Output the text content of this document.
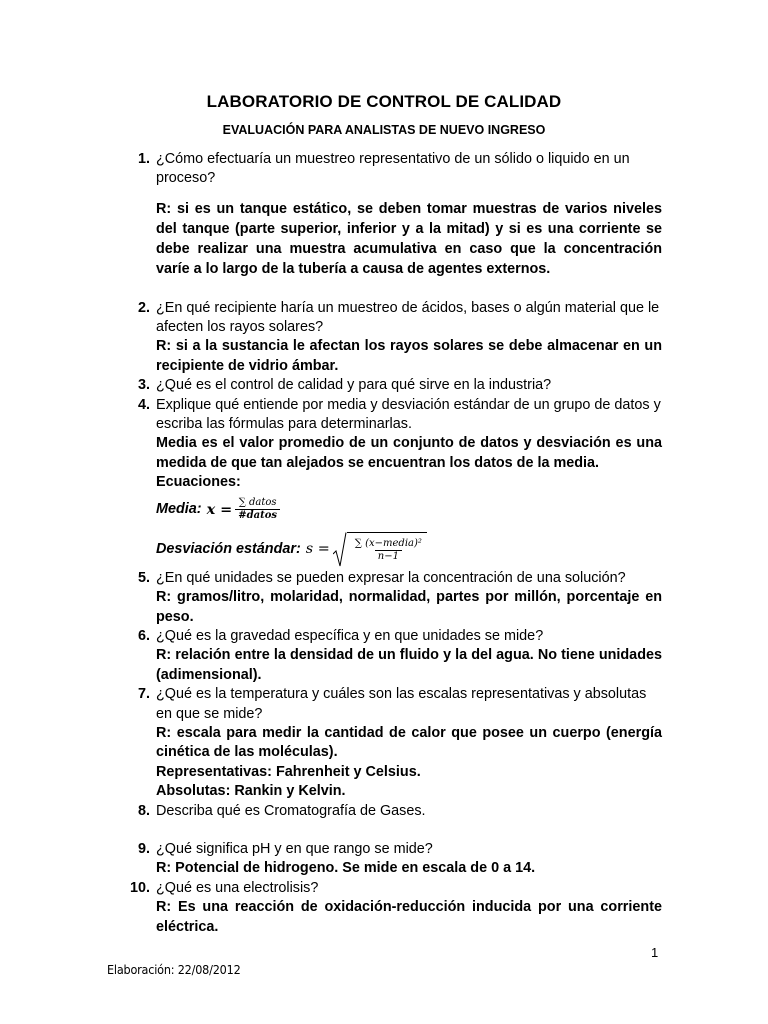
LABORATORIO DE CONTROL DE CALIDAD
EVALUACIÓN PARA ANALISTAS DE NUEVO INGRESO
1. ¿Cómo efectuaría un muestreo representativo de un sólido o liquido en un proceso?
R: si es un tanque estático, se deben tomar muestras de varios niveles del tanque (parte superior, inferior y a la mitad) y si es una corriente se debe realizar una muestra acumulativa en caso que la concentración varíe a lo largo de la tubería a causa de agentes externos.
2. ¿En qué recipiente haría un muestreo de ácidos, bases o algún material que le afecten los rayos solares?
R: si a la sustancia le afectan los rayos solares se debe almacenar en un recipiente de vidrio ámbar.
3. ¿Qué es el control de calidad y para qué sirve en la industria?
4. Explique qué entiende por media y desviación estándar de un grupo de datos y escriba las fórmulas para determinarlas.
Media es el valor promedio de un conjunto de datos y desviación es una medida de que tan alejados se encuentran los datos de la media.
Ecuaciones:
Media: $x = \frac{\text{∑ datos}}{\text{\#datos}}$
Desviación estándar: $s = \frac{\text{∑ (x−media)²}}{n-1}$
5. ¿En qué unidades se pueden expresar la concentración de una solución?
R: gramos/litro, molaridad, normalidad, partes por millón, porcentaje en peso.
6. ¿Qué es la gravedad específica y en que unidades se mide?
R: relación entre la densidad de un fluido y la del agua. No tiene unidades (adimensional).
7. ¿Qué es la temperatura y cuáles son las escalas representativas y absolutas en que se mide?
R: escala para medir la cantidad de calor que posee un cuerpo (energía cinética de las moléculas).
Representativas: Fahrenheit y Celsius.
Absolutas: Rankin y Kelvin.
8. Describa qué es Cromatografía de Gases.
9. ¿Qué significa pH y en que rango se mide?
R: Potencial de hidrogeno. Se mide en escala de 0 a 14.
10. ¿Qué es una electrolisis?
R: Es una reacción de oxidación-reducción inducida por una corriente eléctrica.
1
Elaboración: 22/08/2012
